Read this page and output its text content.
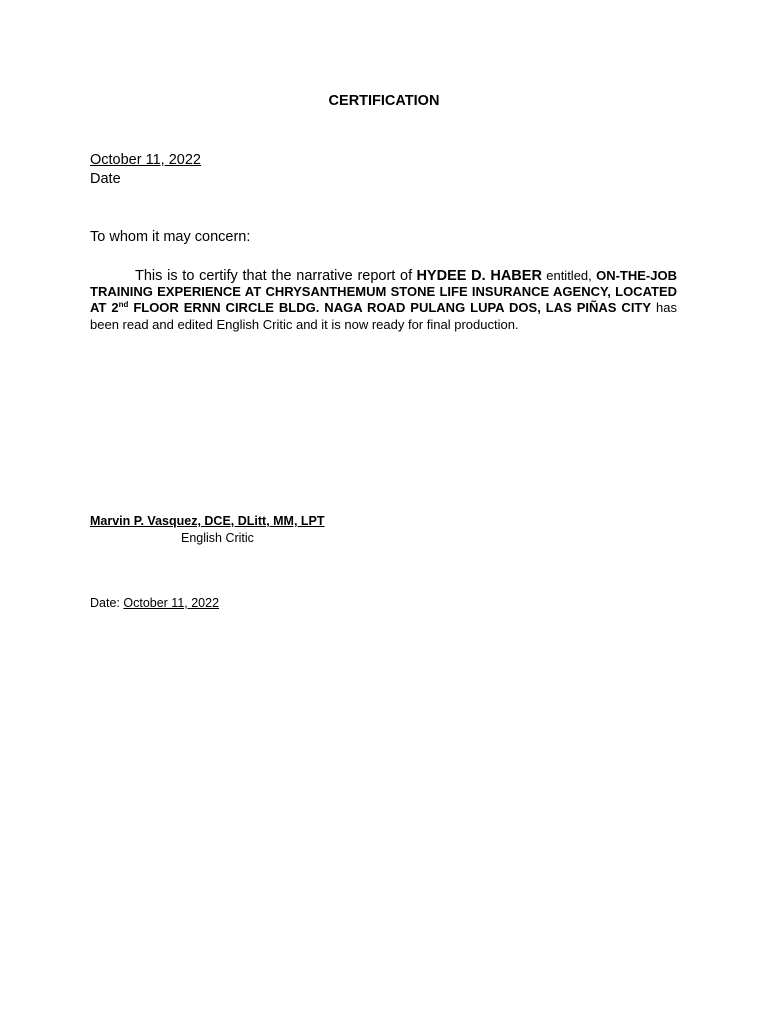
CERTIFICATION
October 11, 2022
Date
To whom it may concern:
This is to certify that the narrative report of HYDEE D. HABER entitled, ON-THE-JOB TRAINING EXPERIENCE AT CHRYSANTHEMUM STONE LIFE INSURANCE AGENCY, LOCATED AT 2nd FLOOR ERNN CIRCLE BLDG. NAGA ROAD PULANG LUPA DOS, LAS PIÑAS CITY has been read and edited English Critic and it is now ready for final production.
Marvin P. Vasquez, DCE, DLitt, MM, LPT
English Critic
Date: October 11, 2022
